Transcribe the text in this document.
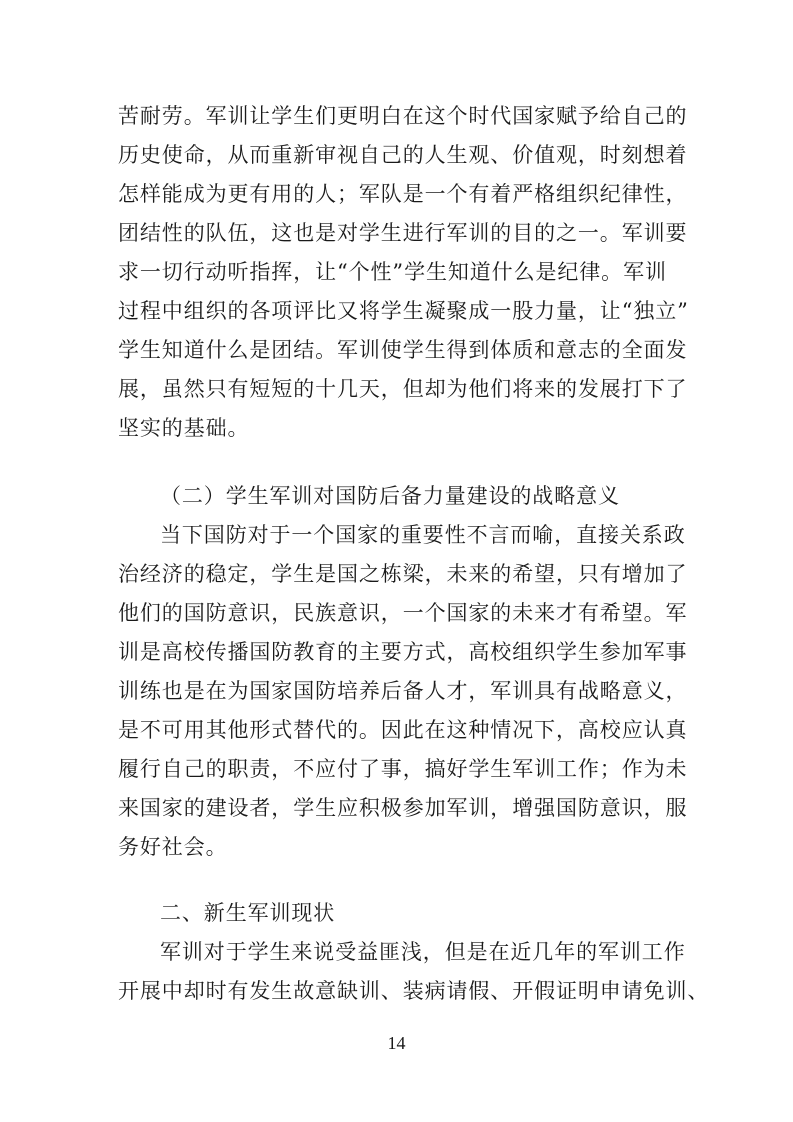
苦耐劳。军训让学生们更明白在这个时代国家赋予给自己的
历史使命，从而重新审视自己的人生观、价值观，时刻想着
怎样能成为更有用的人；军队是一个有着严格组织纪律性，
团结性的队伍，这也是对学生进行军训的目的之一。军训要
求一切行动听指挥，让“个性”学生知道什么是纪律。军训
过程中组织的各项评比又将学生凝聚成一股力量，让“独立”
学生知道什么是团结。军训使学生得到体质和意志的全面发
展，虽然只有短短的十几天，但却为他们将来的发展打下了
坚实的基础。
（二）学生军训对国防后备力量建设的战略意义
当下国防对于一个国家的重要性不言而喻，直接关系政
治经济的稳定，学生是国之栋梁，未来的希望，只有增加了
他们的国防意识，民族意识，一个国家的未来才有希望。军
训是高校传播国防教育的主要方式，高校组织学生参加军事
训练也是在为国家国防培养后备人才，军训具有战略意义，
是不可用其他形式替代的。因此在这种情况下，高校应认真
履行自己的职责，不应付了事，搞好学生军训工作；作为未
来国家的建设者，学生应积极参加军训，增强国防意识，服
务好社会。
二、新生军训现状
军训对于学生来说受益匪浅，但是在近几年的军训工作
开展中却时有发生故意缺训、装病请假、开假证明申请免训、
14
